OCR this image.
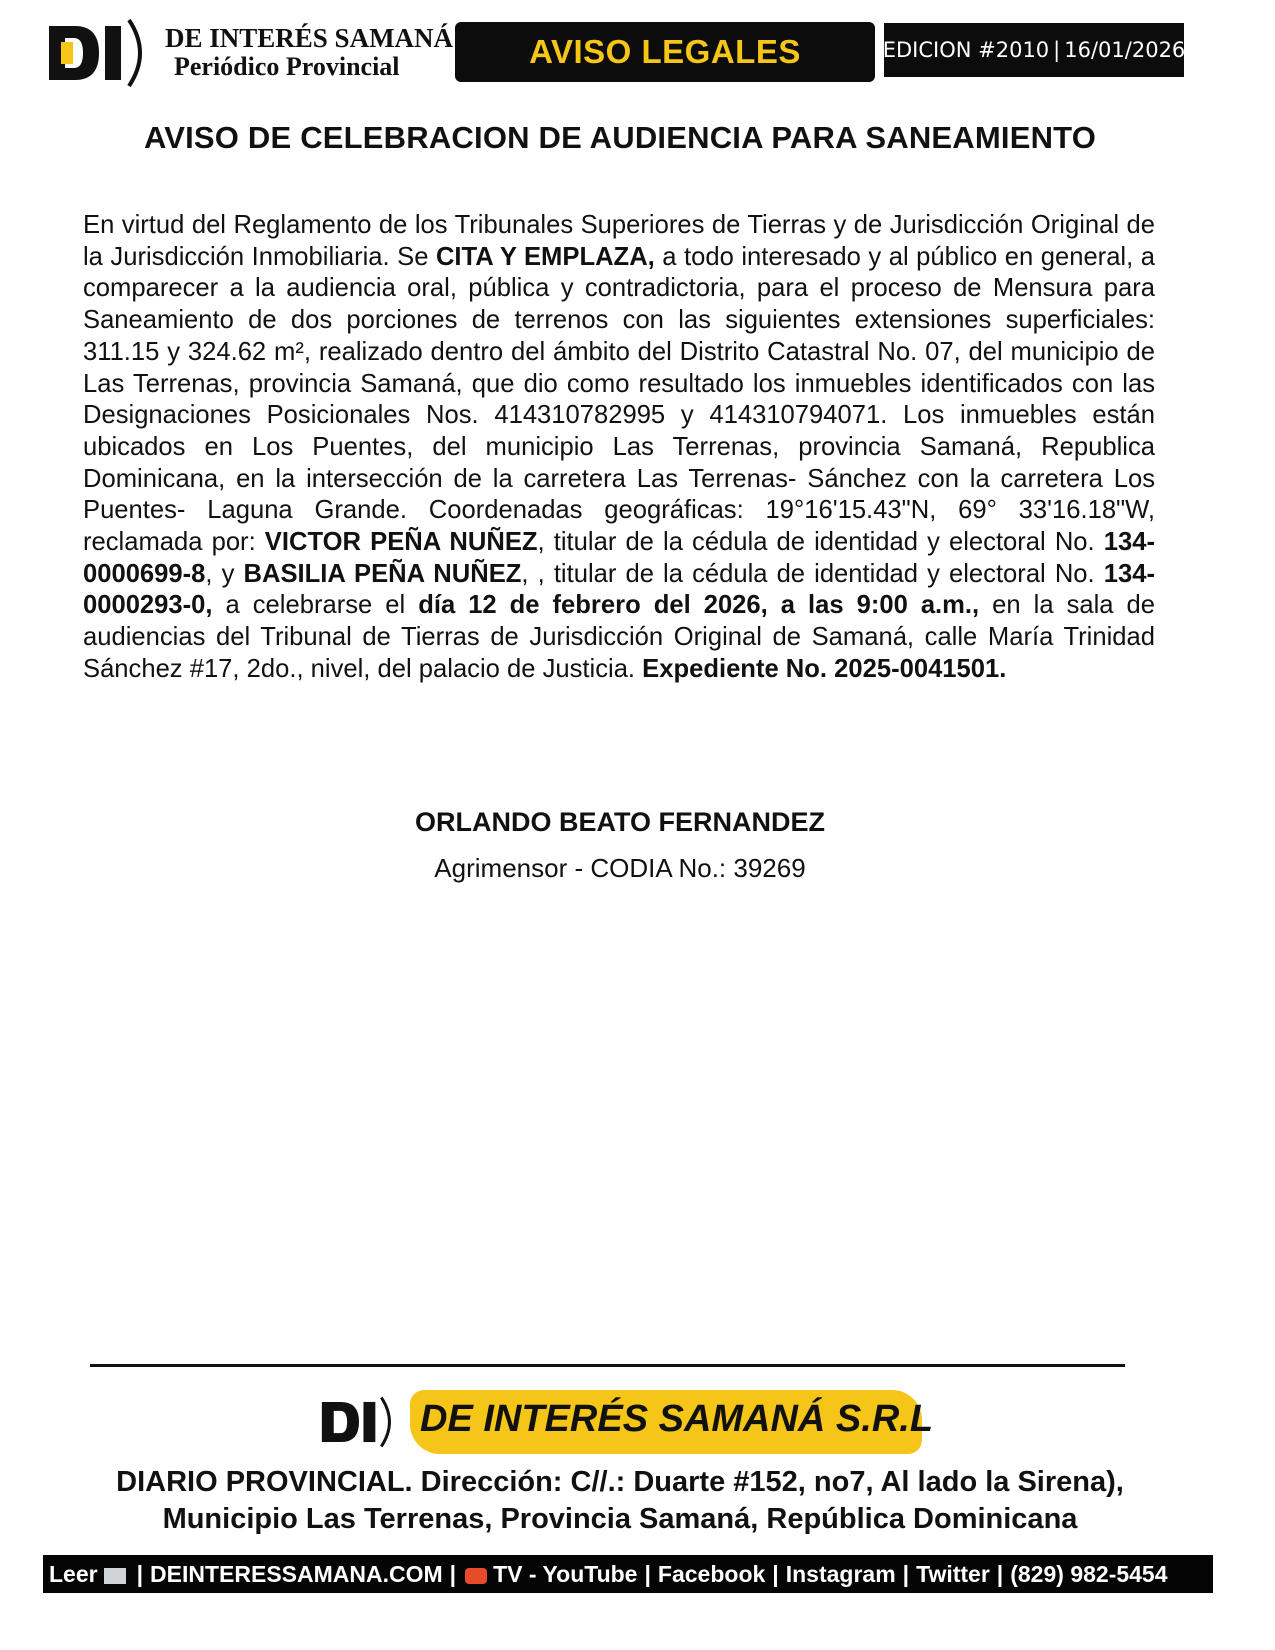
DE INTERÉS SAMANÁ
Periódico Provincial	AVISO LEGALES	EDICION #2010 | 16/01/2026
AVISO DE CELEBRACION DE AUDIENCIA PARA SANEAMIENTO
En virtud del Reglamento de los Tribunales Superiores de Tierras y de Jurisdicción Original de la Jurisdicción Inmobiliaria. Se CITA Y EMPLAZA, a todo interesado y al público en general, a comparecer a la audiencia oral, pública y contradictoria, para el proceso de Mensura para Saneamiento de dos porciones de terrenos con las siguientes extensiones superficiales: 311.15 y 324.62 m², realizado dentro del ámbito del Distrito Catastral No. 07, del municipio de Las Terrenas, provincia Samaná, que dio como resultado los inmuebles identificados con las Designaciones Posicionales Nos. 414310782995 y 414310794071. Los inmuebles están ubicados en Los Puentes, del municipio Las Terrenas, provincia Samaná, Republica Dominicana, en la intersección de la carretera Las Terrenas- Sánchez con la carretera Los Puentes- Laguna Grande. Coordenadas geográficas: 19°16'15.43"N, 69° 33'16.18"W, reclamada por: VICTOR PEÑA NUÑEZ, titular de la cédula de identidad y electoral No. 134-0000699-8, y BASILIA PEÑA NUÑEZ, , titular de la cédula de identidad y electoral No. 134-0000293-0, a celebrarse el día 12 de febrero del 2026, a las 9:00 a.m., en la sala de audiencias del Tribunal de Tierras de Jurisdicción Original de Samaná, calle María Trinidad Sánchez #17, 2do., nivel, del palacio de Justicia. Expediente No. 2025-0041501.
ORLANDO BEATO FERNANDEZ
Agrimensor - CODIA No.: 39269
DE INTERÉS SAMANÁ S.R.L
DIARIO PROVINCIAL. Dirección: C//.: Duarte #152, no7, Al lado la Sirena),
Municipio Las Terrenas, Provincia Samaná, República Dominicana
Leer | DEINTERESSAMANA.COM | TV - YouTube | Facebook | Instagram | Twitter | (829) 982-5454
